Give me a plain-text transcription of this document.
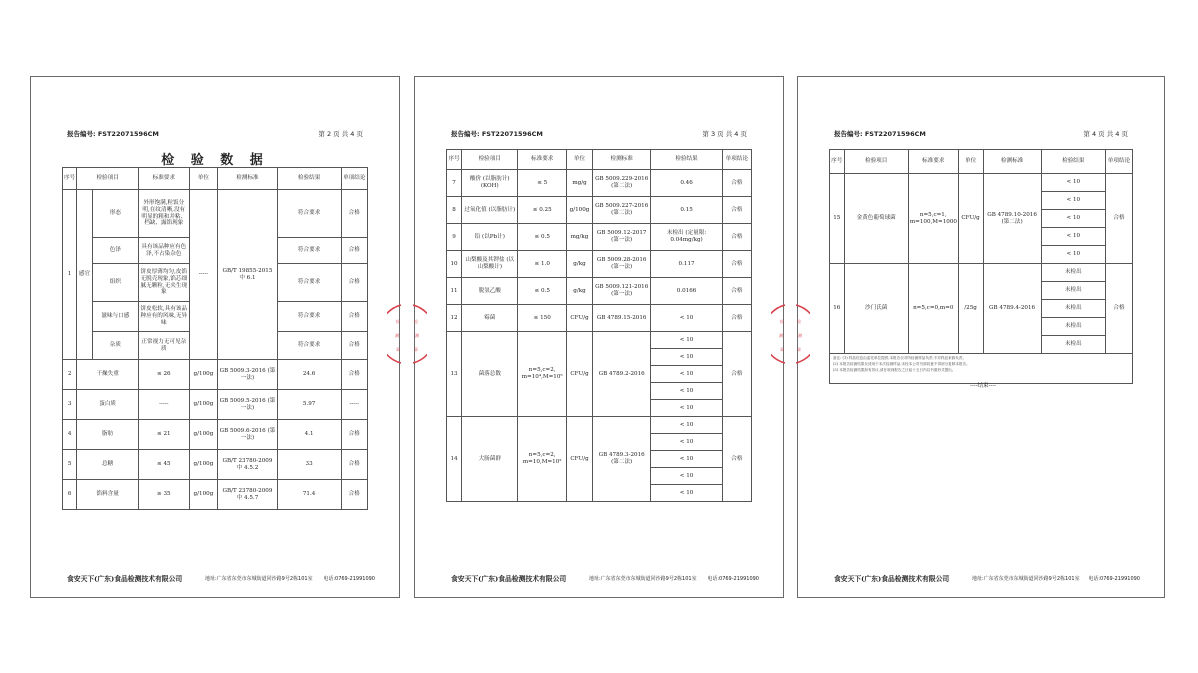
报告编号: FST22071596CM	第 2 页 共 4 页
检 验 数 据
序号	检验项目		标准要求	单位	检测标准	检验结果	单项结论
1	感官	形态	外形饱满,粒饭分明,在纹清晰,没有明显的粗和并粘、档缺、露馅现象	-----	GB/T 19855-2015 中 6.1	符合要求	合格
		色泽	具有该品种应有色泽,不占染杂色			符合要求	合格
		组织	饼皮厚薄均匀,皮馅无脱壳现象,馅芯细腻无颗粒,无夹生现象			符合要求	合格
		滋味与口感	饼皮松软,具有该品种应有的风味,无异味			符合要求	合格
		杂质	正常视力无可见杂质			符合要求	合格
2	干燥失重		≤ 26	g/100g	GB 5009.3-2016 (第一法)	24.6	合格
3	蛋白质		-----	g/100g	GB 5009.5-2016 (第一法)	5.97	-----
4	脂肪		≤ 21	g/100g	GB 5009.6-2016 (第一法)	4.1	合格
5	总糖		≤ 45	g/100g	GB/T 23780-2009 中 4.5.2	33	合格
6	馅料含量		≥ 35	g/100g	GB/T 23780-2009 中 4.5.7	71.4	合格
检
测
章
食安天下(广东)食品检测技术有限公司	地址:广东省东莞市东城街道同沙路9号2栋101室 电话:0769-21991090
报告编号: FST22071596CM	第 3 页 共 4 页
序号	检验项目	标准要求	单位	检测标准	检验结果	单项结论
7	酸价 (以脂肪计)(KOH)	≤ 5	mg/g	GB 5009.229-2016 (第二法)	0.46	合格
8	过氧化值 (以脂肪计)	≤ 0.25	g/100g	GB 5009.227-2016 (第二法)	0.15	合格
9	铅 (以Pb计)	≤ 0.5	mg/kg	GB 5009.12-2017 (第一法)	未检出 (定量限: 0.04mg/kg)	合格
10	山梨酸及其钾盐 (以山梨酸计)	≤ 1.0	g/kg	GB 5009.28-2016 (第一法)	0.117	合格
11	脱氢乙酸	≤ 0.5	g/kg	GB 5009.121-2016 (第一法)	0.0166	合格
12	霉菌	≤ 150	CFU/g	GB 4789.15-2016	< 10	合格
13	菌落总数	n=5,c=2, m=10⁴,M=10⁵	CFU/g	GB 4789.2-2016	< 10	合格
					< 10	
					< 10	
					< 10	
					< 10	
14	大肠菌群	n=5,c=2, m=10,M=10²	CFU/g	GB 4789.3-2016 (第二法)	< 10	合格
					< 10	
					< 10	
					< 10	
					< 10	
检
测
章
检
测
章
食安天下(广东)食品检测技术有限公司	地址:广东省东莞市东城街道同沙路9号2栋101室 电话:0769-21991090
报告编号: FST22071596CM	第 4 页 共 4 页
序号	检验项目	标准要求	单位	检测标准	检验结果	单项结论
15	金黄色葡萄球菌	n=5,c=1, m=100,M=1000	CFU/g	GB 4789.10-2016 (第二法)	< 10	合格
					< 10	
					< 10	
					< 10	
					< 10	
16	沙门氏菌	n=5,c=0,m=0	/25g	GB 4789.4-2016	未检出	合格
					未检出	
					未检出	
					未检出	
					未检出	

备注: (1) 样品信息由委托单位提供,本报告仅对所检测样品负责,不对样品来源负责。
(2) 本报告检测结果仅适用于本次检测样品,未经本公司书面同意不得部分复制本报告。
(3) 本报告检测结果如有异议,请在收到报告之日起十五日内以书面形式提出。						
----结束----
检
测
章
食安天下(广东)食品检测技术有限公司	地址:广东省东莞市东城街道同沙路9号2栋101室 电话:0769-21991090
